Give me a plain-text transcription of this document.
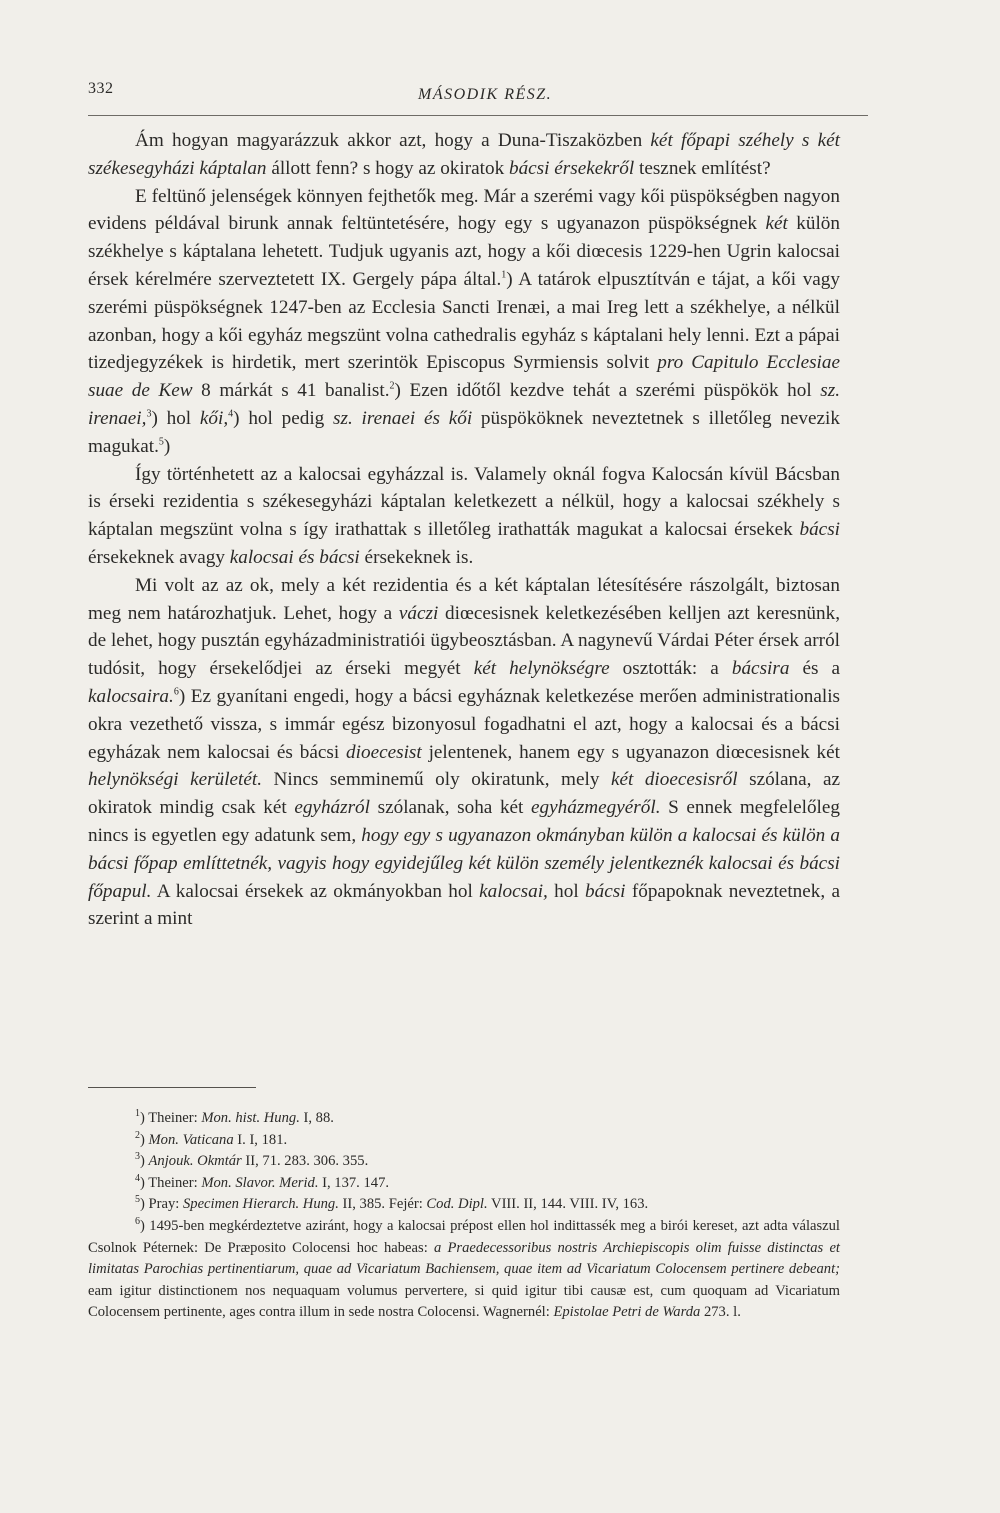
332	MÁSODIK RÉSZ.

Ám hogyan magyarázzuk akkor azt, hogy a Duna-Tiszaközben két főpapi széhely s két székesegyházi káptalan állott fenn? s hogy az okiratok bácsi érsekekről tesznek említést?

E feltünő jelenségek könnyen fejthetők meg. Már a szerémi vagy kői püspökségben nagyon evidens példával birunk annak feltüntetésére, hogy egy s ugyanazon püspökségnek két külön székhelye s káptalana lehetett. Tudjuk ugyanis azt, hogy a kői diœcesis 1229-hen Ugrin kalocsai érsek kérelmére szerveztetett IX. Gergely pápa által.$^1$) A tatárok elpusztítván e tájat, a kői vagy szerémi püspökségnek 1247-ben az Ecclesia Sancti Irenæi, a mai Ireg lett a székhelye, a nélkül azonban, hogy a kői egyház megszünt volna cathedralis egyház s káptalani hely lenni. Ezt a pápai tizedjegyzékek is hirdetik, mert szerintök Episcopus Syrmiensis solvit pro Capitulo Ecclesiae suae de Kew 8 márkát s 41 banalist.$^2$) Ezen időtől kezdve tehát a szerémi püspökök hol sz. irenaei,$^3$) hol kői,$^4$) hol pedig sz. irenaei és kői püspököknek neveztetnek s illetőleg nevezik magukat.$^5$)

Így történhetett az a kalocsai egyházzal is. Valamely oknál fogva Kalocsán kívül Bácsban is érseki rezidentia s székesegyházi káptalan keletkezett a nélkül, hogy a kalocsai székhely s káptalan megszünt volna s így irathattak s illetőleg irathatták magukat a kalocsai érsekek bácsi érsekeknek avagy kalocsai és bácsi érsekeknek is.

Mi volt az az ok, mely a két rezidentia és a két káptalan létesítésére rászolgált, biztosan meg nem határozhatjuk. Lehet, hogy a váczi diœcesisnek keletkezésében kelljen azt keresnünk, de lehet, hogy pusztán egyházadministratiói ügybeosztásban. A nagynevű Várdai Péter érsek arról tudósit, hogy érsekelődjei az érseki megyét két helynökségre osztották: a bácsira és a kalocsaira.$^6$) Ez gyanítani engedi, hogy a bácsi egyháznak keletkezése merően administrationalis okra vezethető vissza, s immár egész bizonyosul fogadhatni el azt, hogy a kalocsai és a bácsi egyházak nem kalocsai és bácsi dioecesist jelentenek, hanem egy s ugyanazon diœcesisnek két helynökségi kerületét. Nincs semminemű oly okiratunk, mely két dioecesisről szólana, az okiratok mindig csak két egyházról szólanak, soha két egyházmegyéről. S ennek megfelelőleg nincs is egyetlen egy adatunk sem, hogy egy s ugyanazon okmányban külön a kalocsai és külön a bácsi főpap említtetnék, vagyis hogy egyidejűleg két külön személy jelentkeznék kalocsai és bácsi főpapul. A kalocsai érsekek az okmányokban hol kalocsai, hol bácsi főpapoknak neveztetnek, a szerint a mint

$^1$) Theiner: Mon. hist. Hung. I, 88.

$^2$) Mon. Vaticana I. I, 181.

$^3$) Anjouk. Okmtár II, 71. 283. 306. 355.

$^4$) Theiner: Mon. Slavor. Merid. I, 137. 147.

$^5$) Pray: Specimen Hierarch. Hung. II, 385. Fejér: Cod. Dipl. VIII. II, 144. VIII. IV, 163.

$^6$) 1495-ben megkérdeztetve aziránt, hogy a kalocsai prépost ellen hol indittassék meg a birói kereset, azt adta válaszul Csolnok Péternek: De Præposito Colocensi hoc habeas: a Praedecessoribus nostris Archiepiscopis olim fuisse distinctas et limitatas Parochias pertinentiarum, quae ad Vicariatum Bachiensem, quae item ad Vicariatum Colocensem pertinere debeant; eam igitur distinctionem nos nequaquam volumus pervertere, si quid igitur tibi causæ est, cum quoquam ad Vicariatum Colocensem pertinente, ages contra illum in sede nostra Colocensi. Wagnernél: Epistolae Petri de Warda 273. l.
